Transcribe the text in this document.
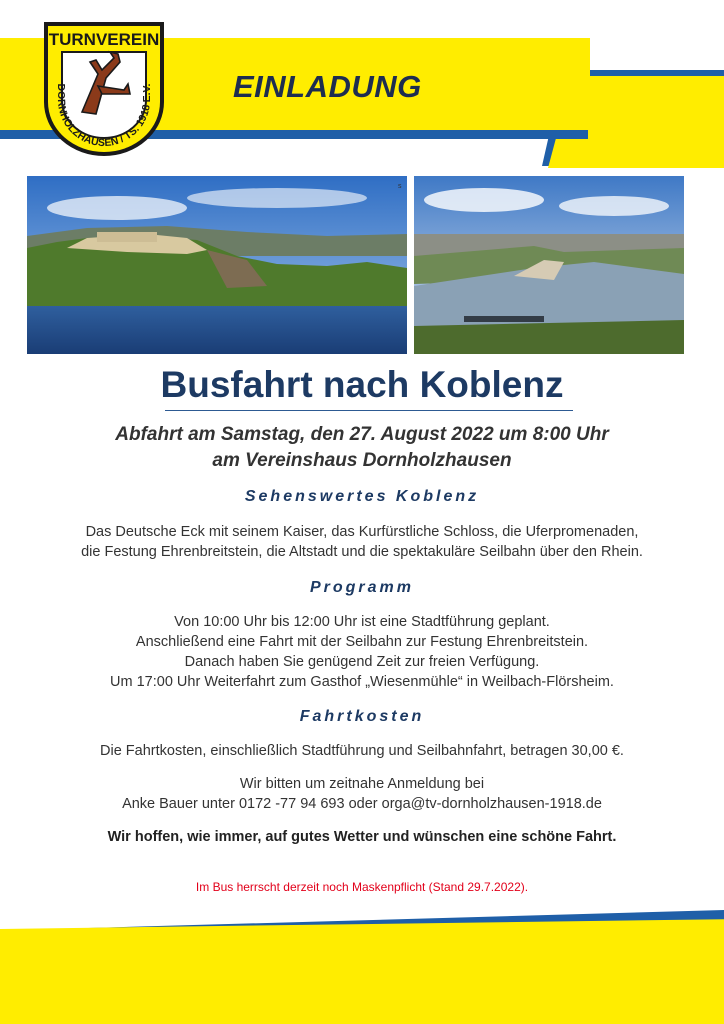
EINLADUNG
TURNVEREIN
DORNHOLZHAUSEN / TS. 1918 E.V.
s
Busfahrt nach Koblenz
Abfahrt am Samstag, den 27. August 2022 um 8:00 Uhr
am Vereinshaus Dornholzhausen
Sehenswertes Koblenz
Das Deutsche Eck mit seinem Kaiser, das Kurfürstliche Schloss, die Uferpromenaden,
die Festung Ehrenbreitstein, die Altstadt und die spektakuläre Seilbahn über den Rhein.
Programm
Von 10:00 Uhr bis 12:00 Uhr ist eine Stadtführung geplant.
Anschließend eine Fahrt mit der Seilbahn zur Festung Ehrenbreitstein.
Danach haben Sie genügend Zeit zur freien Verfügung.
Um 17:00 Uhr Weiterfahrt zum Gasthof „Wiesenmühle“ in Weilbach-Flörsheim.
Fahrtkosten
Die Fahrtkosten, einschließlich Stadtführung und Seilbahnfahrt, betragen 30,00 €.
Wir bitten um zeitnahe Anmeldung bei
Anke Bauer unter 0172 -77 94 693 oder orga@tv-dornholzhausen-1918.de
Wir hoffen, wie immer, auf gutes Wetter und wünschen eine schöne Fahrt.
Im Bus herrscht derzeit noch Maskenpflicht (Stand 29.7.2022).
